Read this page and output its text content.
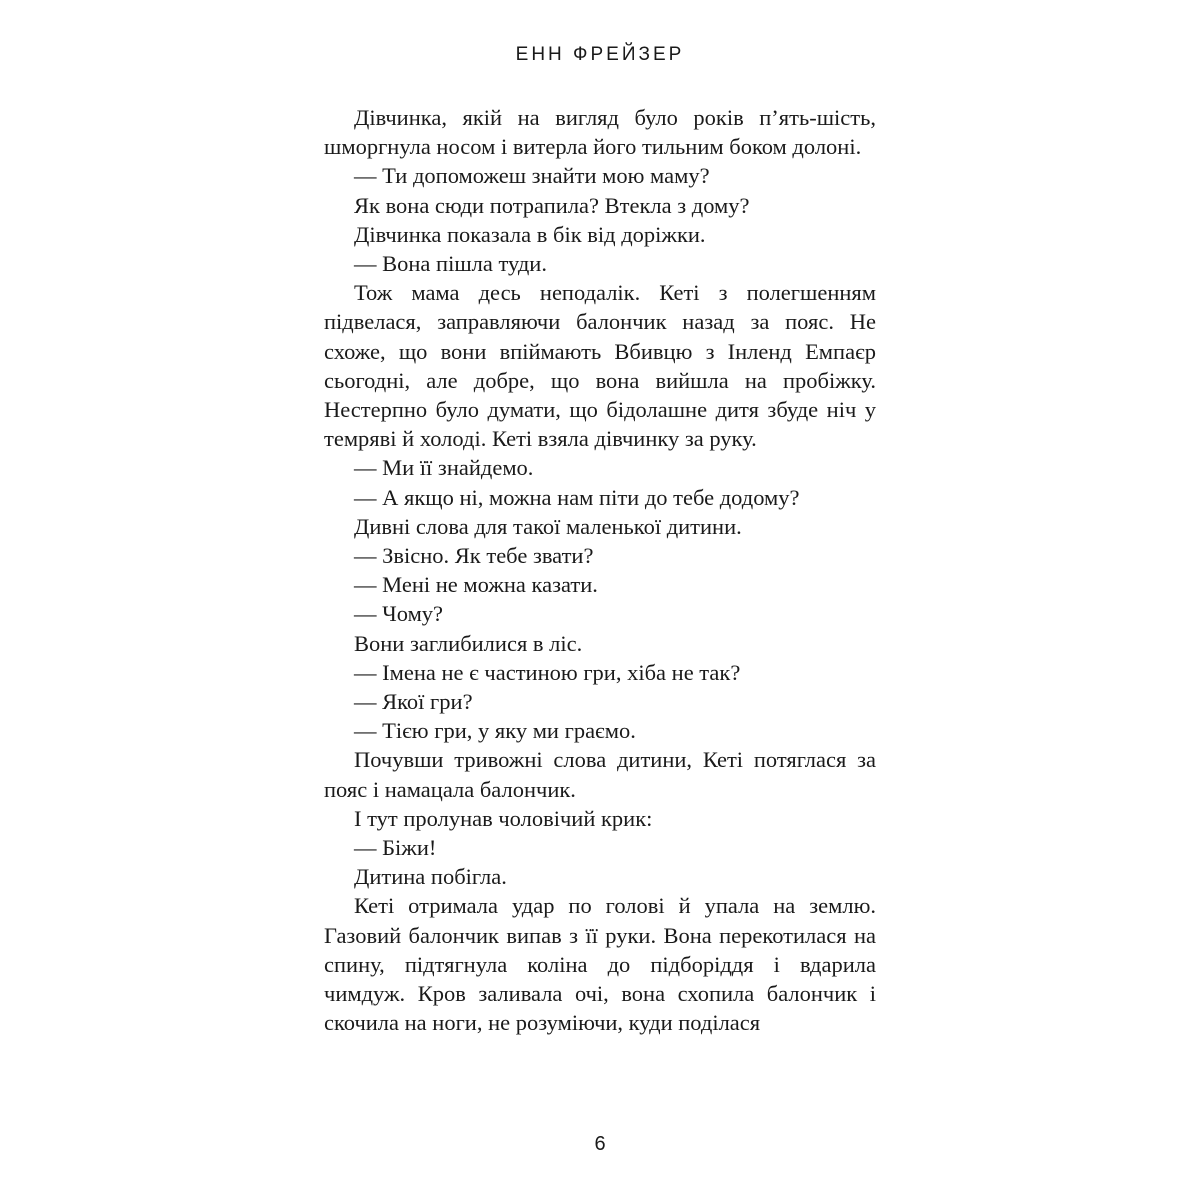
ЕНН ФРЕЙЗЕР

Дівчинка, якій на вигляд було років п’ять-шість, шморгнула носом і витерла його тильним боком долоні.

— Ти допоможеш знайти мою маму?

Як вона сюди потрапила? Втекла з дому?

Дівчинка показала в бік від доріжки.

— Вона пішла туди.

Тож мама десь неподалік. Кеті з полегшенням підвелася, заправляючи балончик назад за пояс. Не схоже, що вони впіймають Вбивцю з Інленд Емпаєр сьогодні, але добре, що вона вийшла на пробіжку. Нестерпно було думати, що бідолашне дитя збуде ніч у темряві й холоді. Кеті взяла дівчинку за руку.

— Ми її знайдемо.

— А якщо ні, можна нам піти до тебе додому?

Дивні слова для такої маленької дитини.

— Звісно. Як тебе звати?

— Мені не можна казати.

— Чому?

Вони заглибилися в ліс.

— Імена не є частиною гри, хіба не так?

— Якої гри?

— Тією гри, у яку ми граємо.

Почувши тривожні слова дитини, Кеті потяглася за пояс і намацала балончик.

І тут пролунав чоловічий крик:

— Біжи!

Дитина побігла.

Кеті отримала удар по голові й упала на землю. Газовий балончик випав з її руки. Вона перекотилася на спину, підтягнула коліна до підборіддя і вдарила чимдуж. Кров заливала очі, вона схопила балончик і скочила на ноги, не розуміючи, куди поділася

6
